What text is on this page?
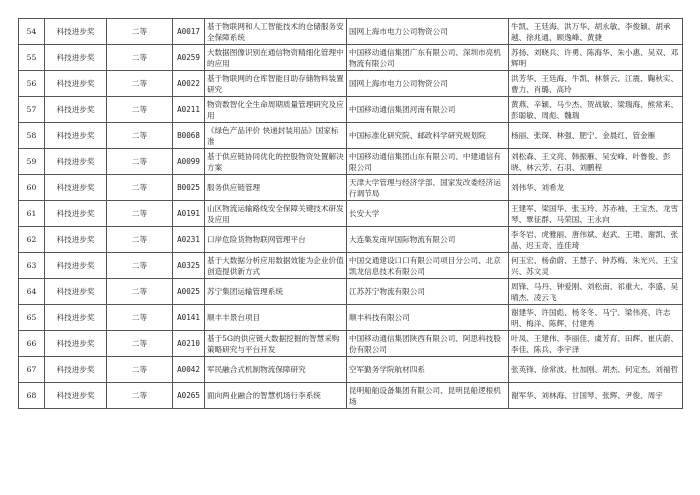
54	科技进步奖	二等	A0017	基于物联网和人工智能技术的仓储服务安全保障系统	国网上海市电力公司物资公司	牛凯、王廷海、洪万华、胡永敏、李俊颖、胡承越、徐兆通、顾逸峰、黄捷
55	科技进步奖	二等	A0259	大数据图像识别在通信物资精细化管理中的应用	中国移动通信集团广东有限公司、深圳市亮机物流有限公司	苏扬、刘晓兵、许勇、陈海华、朱小惠、吴双、邓辉明
56	科技进步奖	二等	A0022	基于物联网的仓库智能目助存储物料装置研究	国网上海市电力公司物资公司	洪芳华、王廷海、牛凯、林蔡云、江震、鞠秋实、曹力、肖璐、高玲
57	科技进步奖	二等	A0211	物资数智化全生命周期质量管理研究及应用	中国移动通信集团河南有限公司	黄燕、辛颖、马少杰、贺战敏、梁瑞海、熊常来、彭聪敏、周彪、魏瑞
58	科技进步奖	二等	B0068	《绿色产品评价 快递封装用品》国家标准	中国标准化研究院、邮政科学研究规划院	杨丽、张琛、林强、肥宁、金晨红、管金雁
59	科技进步奖	二等	A0099	基于供应链协同优化的控股物资处置解决方案	中国移动通信集团山东有限公司、中建通信有限公司	刘松森、王文亮、韩振雁、吴安峰、叶鲁俊、彭晓、林云芳、石羽、刘鹏程
60	科技进步奖	二等	B0025	服务供应链管理	天津大学管理与经济学部、国家发改委经济运行调节局	刘伟华、刘希龙
61	科技进步奖	二等	A0191	山区物流运输路线安全保障关键技术研发及应用	长安大学	王建军、梁国华、张玉玲、苏赤袖、王宝杰、龙雪琴、覃征群、马荣国、王永向
62	科技进步奖	二等	A0231	口岸危险货物物联网管理平台	大连集发南岸国际物流有限公司	李冬岩、虎雅丽、唐伟斌、赵武、王珺、谢凯、张晶、迟玉奇、连佳琦
63	科技进步奖	二等	A0325	基于大数据分析应用数据效能为企业价值创造提供新方式	中国交通建设口口有限公司项目分公司、北京凯龙信息技术有限公司	何玉宏、杨俞蔚、王慧子、钟苏梅、朱光兴、王宝兴、苏文灵
64	科技进步奖	二等	A0025	苏宁集团运输管理系统	江苏苏宁物流有限公司	周锋、马丹、钟爱刚、刘松南、祁重大、李盛、吴晴杰、凌云飞
65	科技进步奖	二等	A0141	顺丰丰景台项目	顺丰科技有限公司	谢建华、许国彪、杨冬冬、马宁、梁伟亮、许志明、梅洋、陈辉、付建秀
66	科技进步奖	二等	A0210	基于5G的供应链大数据挖掘的智慧采购策略研究与平台开发	中国移动通信集团陕西有限公司、阿思科技股份有限公司	叶凤、王建伟、李丽佳、虞芳育、田辉、崔庆蔚、李佳、陈兵、李宇泽
67	科技进步奖	二等	A0042	军民融合式机制物流保障研究	空军勤务学院航材四系	张英锋、徐常波、杜加刚、胡杰、何定杰、刘福哲
68	科技进步奖	二等	A0265	面向两业融合的智慧机场行李系统	昆明船舶设备集团有限公司、昆明昆船逻根机场	谢军华、刘林海、甘国琴、张辉、尹俊、周宇
